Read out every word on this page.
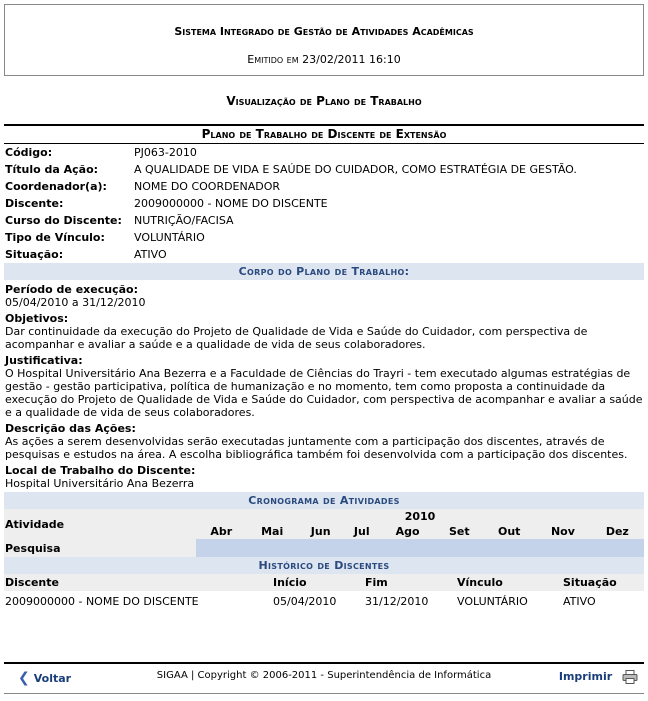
Sistema Integrado de Gestão de Atividades Acadêmicas
Emitido em 23/02/2011 16:10
Visualização de Plano de Trabalho
Plano de Trabalho de Discente de Extensão
Código:	PJ063-2010
Título da Ação:	A QUALIDADE DE VIDA E SAÚDE DO CUIDADOR, COMO ESTRATÉGIA DE GESTÃO.
Coordenador(a): NOME DO COORDENADOR
Discente:	2009000000 - NOME DO DISCENTE
Curso do Discente: NUTRIÇÃO/FACISA
Tipo de Vínculo:	VOLUNTÁRIO
Situação:	ATIVO
Corpo do Plano de Trabalho:
Período de execução:
05/04/2010 a 31/12/2010
Objetivos:
Dar continuidade da execução do Projeto de Qualidade de Vida e Saúde do Cuidador, com perspectiva de acompanhar e avaliar a saúde e a qualidade de vida de seus colaboradores.
Justificativa:
O Hospital Universitário Ana Bezerra e a Faculdade de Ciências do Trayri - tem executado algumas estratégias de gestão - gestão participativa, política de humanização e no momento, tem como proposta a continuidade da execução do Projeto de Qualidade de Vida e Saúde do Cuidador, com perspectiva de acompanhar e avaliar a saúde e a qualidade de vida de seus colaboradores.
Descrição das Ações:
As ações a serem desenvolvidas serão executadas juntamente com a participação dos discentes, através de pesquisas e estudos na área. A escolha bibliográfica também foi desenvolvida com a participação dos discentes.
Local de Trabalho do Discente:
Hospital Universitário Ana Bezerra
Cronograma de Atividades
Atividade	2010								
	Abr	Mai	Jun	Jul	Ago	Set	Out	Nov	Dez
Pesquisa									
Histórico de Discentes
Discente	Início	Fim	Vínculo	Situação
2009000000 - NOME DO DISCENTE	05/04/2010	31/12/2010	VOLUNTÁRIO	ATIVO
❮ Voltar	SIGAA | Copyright © 2006-2011 - Superintendência de Informática	Imprimir
